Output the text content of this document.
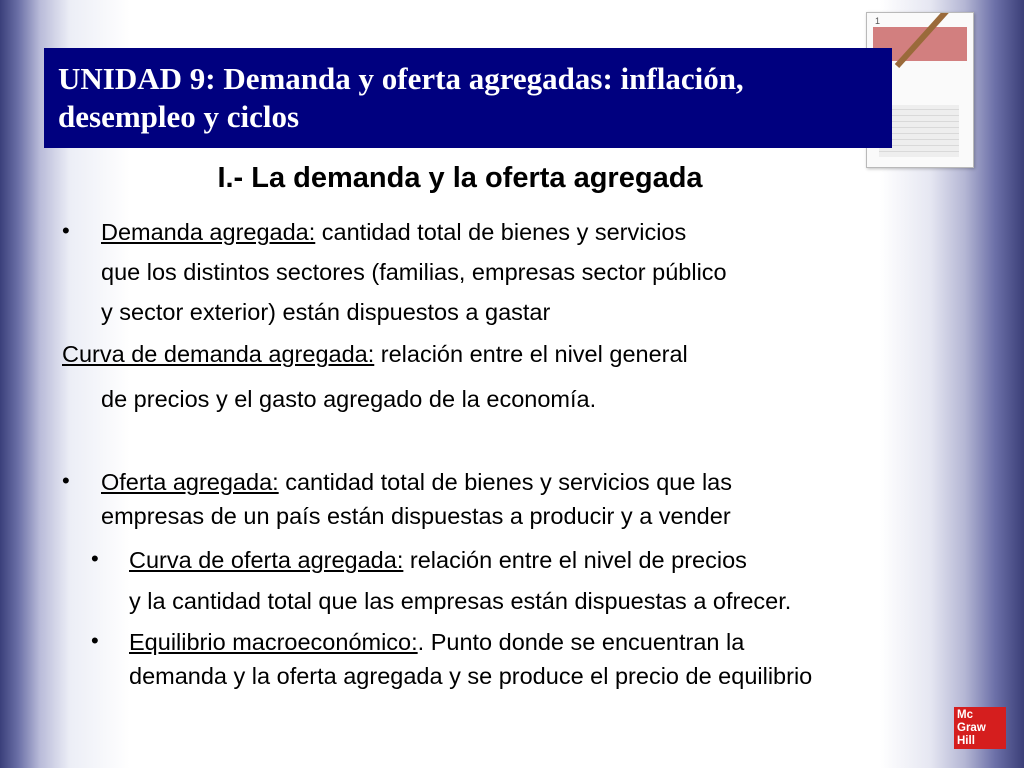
1

UNIDAD 9: Demanda y oferta agregadas: inflación, desempleo y ciclos

I.- La demanda y la oferta agregada
• Demanda agregada: cantidad total de bienes y servicios
que los distintos sectores (familias, empresas sector público
y sector exterior) están dispuestos a gastar
Curva de demanda agregada: relación entre el nivel general
de precios y el gasto agregado de la economía.
• Oferta agregada: cantidad total de bienes y servicios que las
empresas de un país están dispuestas a producir y a vender
• Curva de oferta agregada: relación entre el nivel de precios
y la cantidad total que las empresas están dispuestas a ofrecer.
• Equilibrio macroeconómico:. Punto donde se encuentran la
demanda y la oferta agregada y se produce el precio de equilibrio
Mc
Graw
Hill
